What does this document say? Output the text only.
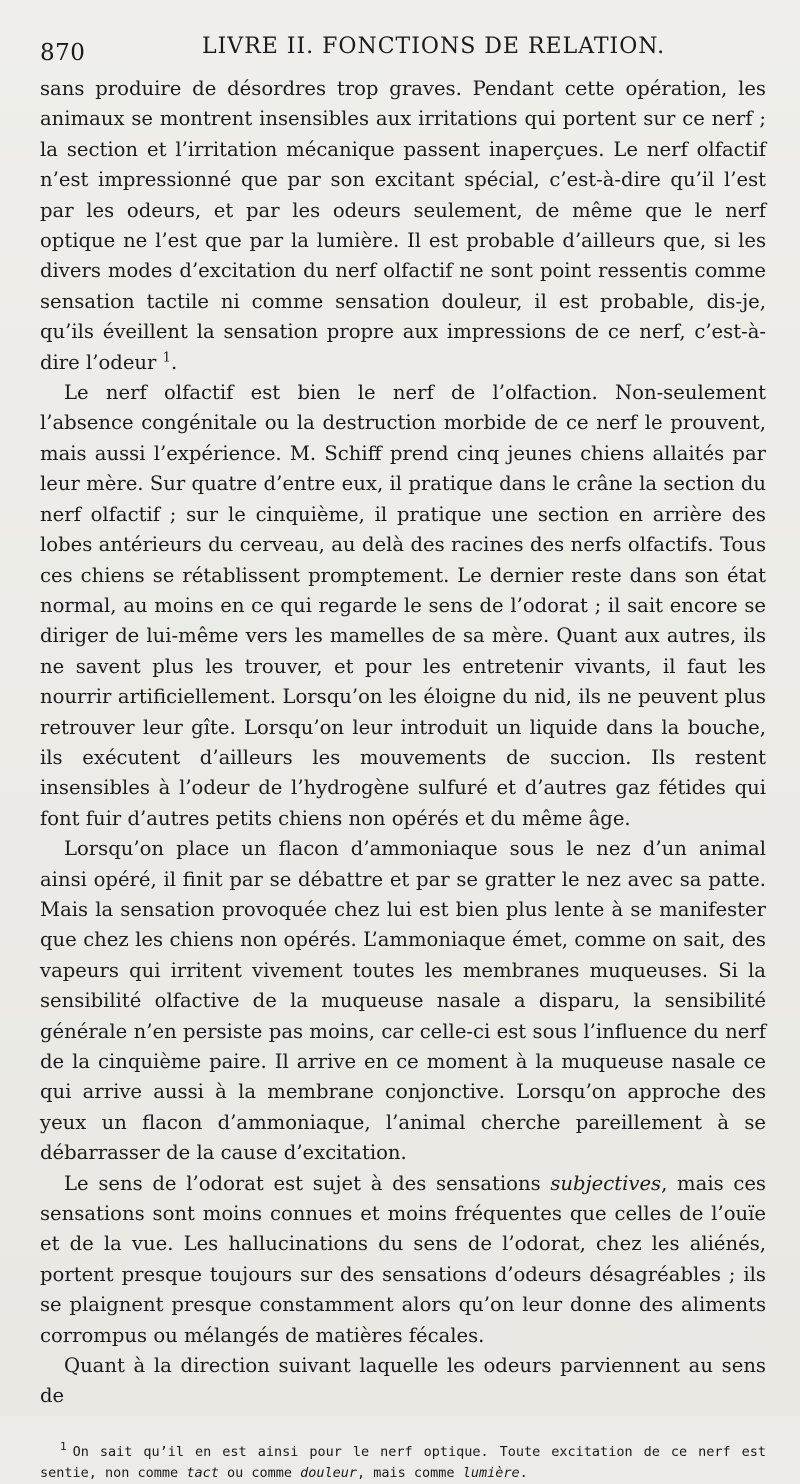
870	LIVRE II. FONCTIONS DE RELATION.

sans produire de désordres trop graves. Pendant cette opération, les animaux se montrent insensibles aux irritations qui portent sur ce nerf ; la section et l’irritation mécanique passent inaperçues. Le nerf olfactif n’est impressionné que par son excitant spécial, c’est-à-dire qu’il l’est par les odeurs, et par les odeurs seulement, de même que le nerf optique ne l’est que par la lumière. Il est probable d’ailleurs que, si les divers modes d’excitation du nerf olfactif ne sont point ressentis comme sensation tactile ni comme sensation douleur, il est probable, dis-je, qu’ils éveillent la sensation propre aux impressions de ce nerf, c’est-à-dire l’odeur $^1$.

Le nerf olfactif est bien le nerf de l’olfaction. Non-seulement l’absence congénitale ou la destruction morbide de ce nerf le prouvent, mais aussi l’expérience. M. Schiff prend cinq jeunes chiens allaités par leur mère. Sur quatre d’entre eux, il pratique dans le crâne la section du nerf olfactif ; sur le cinquième, il pratique une section en arrière des lobes antérieurs du cerveau, au delà des racines des nerfs olfactifs. Tous ces chiens se rétablissent promptement. Le dernier reste dans son état normal, au moins en ce qui regarde le sens de l’odorat ; il sait encore se diriger de lui-même vers les mamelles de sa mère. Quant aux autres, ils ne savent plus les trouver, et pour les entretenir vivants, il faut les nourrir artificiellement. Lorsqu’on les éloigne du nid, ils ne peuvent plus retrouver leur gîte. Lorsqu’on leur introduit un liquide dans la bouche, ils exécutent d’ailleurs les mouvements de succion. Ils restent insensibles à l’odeur de l’hydrogène sulfuré et d’autres gaz fétides qui font fuir d’autres petits chiens non opérés et du même âge.

Lorsqu’on place un flacon d’ammoniaque sous le nez d’un animal ainsi opéré, il finit par se débattre et par se gratter le nez avec sa patte. Mais la sensation provoquée chez lui est bien plus lente à se manifester que chez les chiens non opérés. L’ammoniaque émet, comme on sait, des vapeurs qui irritent vivement toutes les membranes muqueuses. Si la sensibilité olfactive de la muqueuse nasale a disparu, la sensibilité générale n’en persiste pas moins, car celle-ci est sous l’influence du nerf de la cinquième paire. Il arrive en ce moment à la muqueuse nasale ce qui arrive aussi à la membrane conjonctive. Lorsqu’on approche des yeux un flacon d’ammoniaque, l’animal cherche pareillement à se débarrasser de la cause d’excitation.

Le sens de l’odorat est sujet à des sensations subjectives, mais ces sensations sont moins connues et moins fréquentes que celles de l’ouïe et de la vue. Les hallucinations du sens de l’odorat, chez les aliénés, portent presque toujours sur des sensations d’odeurs désagréables ; ils se plaignent presque constamment alors qu’on leur donne des aliments corrompus ou mélangés de matières fécales.

Quant à la direction suivant laquelle les odeurs parviennent au sens de

$^1$ On sait qu’il en est ainsi pour le nerf optique. Toute excitation de ce nerf est sentie, non comme tact ou comme douleur, mais comme lumière.
